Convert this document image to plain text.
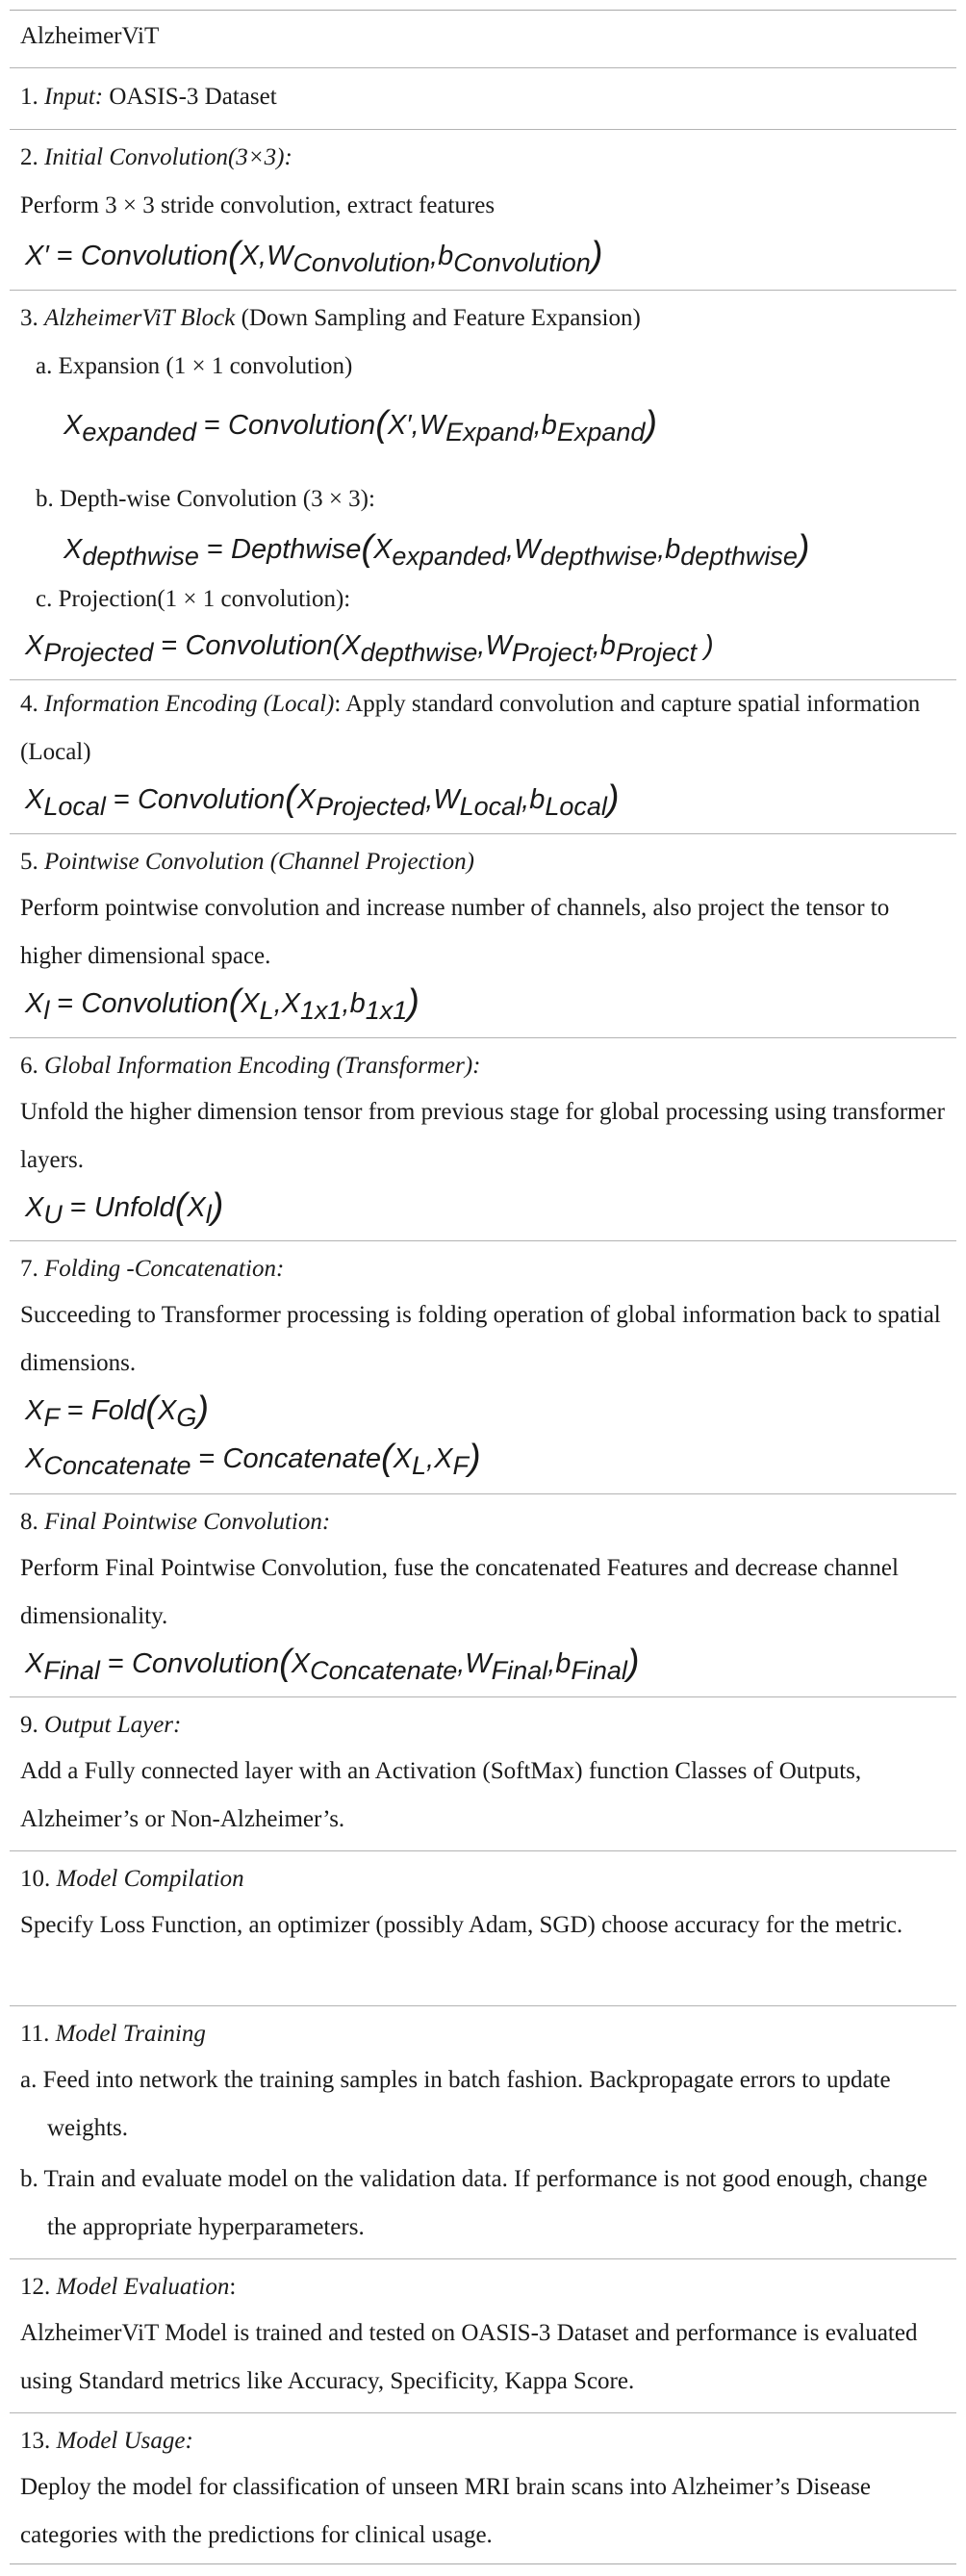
AlzheimerViT
1. Input: OASIS-3 Dataset
2. Initial Convolution(3×3):
Perform 3 × 3 stride convolution, extract features
$X' = Convolution(X,W_{Convolution},b_{Convolution})$
3. AlzheimerViT Block (Down Sampling and Feature Expansion)
a. Expansion (1 × 1 convolution)
$X_{expanded}$ = $Convolution(X',W_{Expand},b_{Expand})$
b. Depth-wise Convolution (3 × 3):
$X_{depthwise}$ = $Depthwise(X_{expanded},W_{depthwise},b_{depthwise})$
c. Projection(1 × 1 convolution):
$X_{Projected}$ = $Convolution(X_{depthwise},W_{Project},b_{Project}$ )
4. Information Encoding (Local): Apply standard convolution and capture spatial information (Local)
$X_{Local}$ = $Convolution(X_{Projected},W_{Local},b_{Local})$
5. Pointwise Convolution (Channel Projection)
Perform pointwise convolution and increase number of channels, also project the tensor to higher dimensional space.
$X_l$ = $Convolution(X_L,X_{1x1},b_{1x1})$
6. Global Information Encoding (Transformer):
Unfold the higher dimension tensor from previous stage for global processing using transformer layers.
$X_U$ = $Unfold(X_l)$
7. Folding -Concatenation:
Succeeding to Transformer processing is folding operation of global information back to spatial dimensions.
$X_F$ = $Fold(X_G)$
$X_{Concatenate}$ = $Concatenate(X_L,X_F)$
8. Final Pointwise Convolution:
Perform Final Pointwise Convolution, fuse the concatenated Features and decrease channel dimensionality.
$X_{Final}$ = $Convolution(X_{Concatenate},W_{Final},b_{Final})$
9. Output Layer:
Add a Fully connected layer with an Activation (SoftMax) function Classes of Outputs, Alzheimer’s or Non-Alzheimer’s.
10. Model Compilation
Specify Loss Function, an optimizer (possibly Adam, SGD) choose accuracy for the metric.
11. Model Training
a. Feed into network the training samples in batch fashion. Backpropagate errors to update weights.
b. Train and evaluate model on the validation data. If performance is not good enough, change the appropriate hyperparameters.
12. Model Evaluation:
AlzheimerViT Model is trained and tested on OASIS-3 Dataset and performance is evaluated using Standard metrics like Accuracy, Specificity, Kappa Score.
13. Model Usage:
Deploy the model for classification of unseen MRI brain scans into Alzheimer’s Disease categories with the predictions for clinical usage.
